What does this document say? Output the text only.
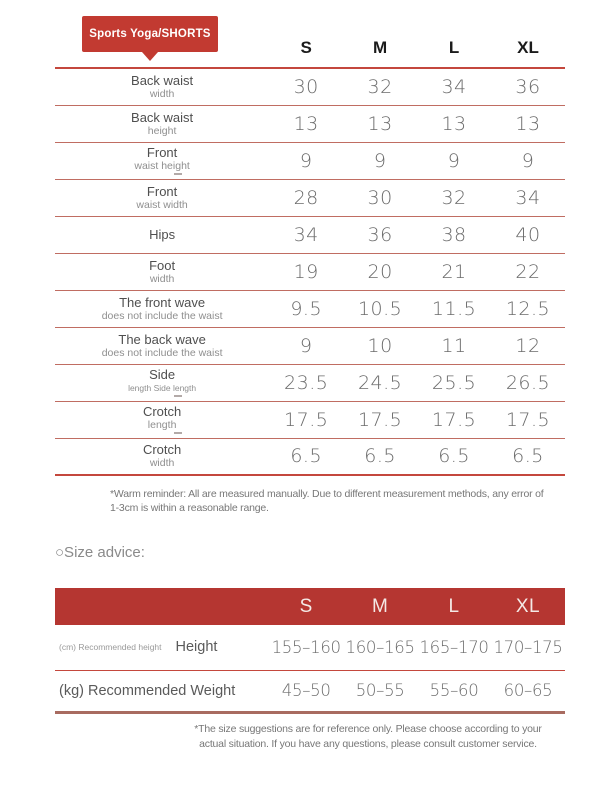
Sports Yoga/SHORTS
	S	M	L	XL

Back waist
width	30	32	34	36

Back waist
height	13	13	13	13

Front
waist height	9	9	9	9

Front
waist width	28	30	32	34

Hips	34	36	38	40

Foot
width	19	20	21	22

The front wave
does not include the waist	9.5	10.5	11.5	12.5

The back wave
does not include the waist	9	10	11	12

Side
length Side length	23.5	24.5	25.5	26.5

Crotch
length	17.5	17.5	17.5	17.5

Crotch
width	6.5	6.5	6.5	6.5
*Warm reminder: All are measured manually. Due to different measurement methods, any error of
1-3cm is within a reasonable range.
○Size advice:
	S	M	L	XL

(cm) Recommended height Height	155–160	160–165	165–170	170–175

(kg) Recommended Weight	45–50	50–55	55–60	60–65
*The size suggestions are for reference only. Please choose according to your
actual situation. If you have any questions, please consult customer service.
